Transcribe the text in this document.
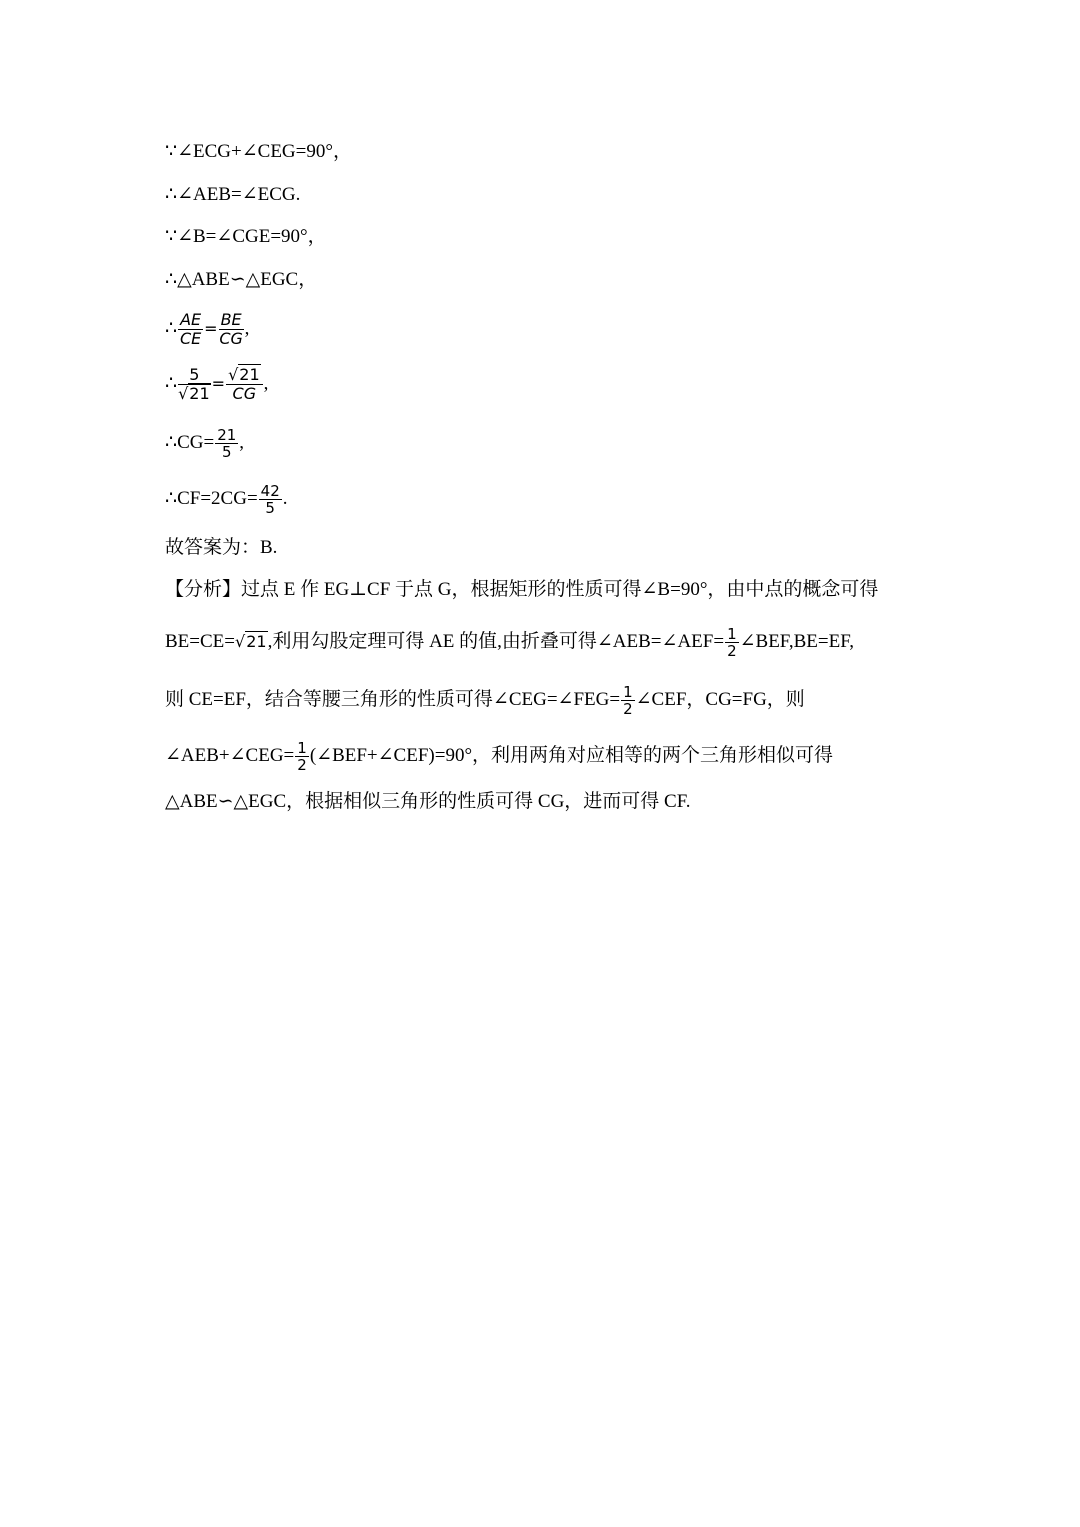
∵∠ECG+∠CEG=90°，
∴∠AEB=∠ECG.
∵∠B=∠CGE=90°，
∴△ABE∽△EGC，
∴ $\frac{AE}{CE} = \frac{BE}{CG}$ ,
∴ $\frac{5}{√21} = \frac{√21}{CG}$ ,
∴CG= $\frac{21}{5}$ ,
∴CF=2CG= $\frac{42}{5}$ .
故答案为：B.
【分析】过点 E 作 EG⊥CF 于点 G，根据矩形的性质可得∠B=90°，由中点的概念可得
BE=CE=√21,利用勾股定理可得 AE 的值,由折叠可得∠AEB=∠AEF= $\frac{1}{2}$ ∠BEF,BE=EF,
则 CE=EF，结合等腰三角形的性质可得∠CEG=∠FEG= $\frac{1}{2}$ ∠CEF，CG=FG，则
∠AEB+∠CEG= $\frac{1}{2}$ (∠BEF+∠CEF)=90°，利用两角对应相等的两个三角形相似可得
△ABE∽△EGC，根据相似三角形的性质可得 CG，进而可得 CF.
